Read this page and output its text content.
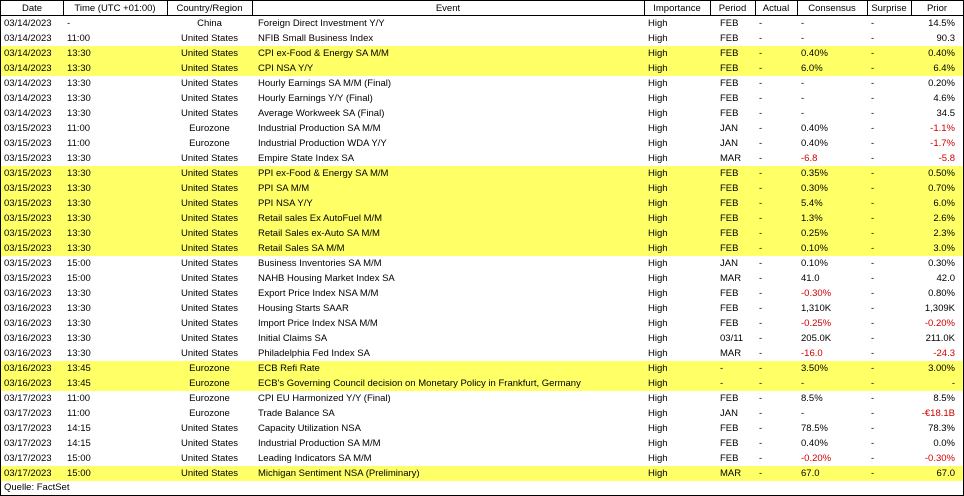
Date	Time (UTC +01:00)	Country/Region	Event	Importance	Period	Actual	Consensus	Surprise	Prior
03/14/2023	-	China	Foreign Direct Investment Y/Y	High	FEB	-	-	-	14.5%
03/14/2023	11:00	United States	NFIB Small Business Index	High	FEB	-	-	-	90.3
03/14/2023	13:30	United States	CPI ex-Food & Energy SA M/M	High	FEB	-	0.40%	-	0.40%
03/14/2023	13:30	United States	CPI NSA Y/Y	High	FEB	-	6.0%	-	6.4%
03/14/2023	13:30	United States	Hourly Earnings SA M/M (Final)	High	FEB	-	-	-	0.20%
03/14/2023	13:30	United States	Hourly Earnings Y/Y (Final)	High	FEB	-	-	-	4.6%
03/14/2023	13:30	United States	Average Workweek SA (Final)	High	FEB	-	-	-	34.5
03/15/2023	11:00	Eurozone	Industrial Production SA M/M	High	JAN	-	0.40%	-	-1.1%
03/15/2023	11:00	Eurozone	Industrial Production WDA Y/Y	High	JAN	-	0.40%	-	-1.7%
03/15/2023	13:30	United States	Empire State Index SA	High	MAR	-	-6.8	-	-5.8
03/15/2023	13:30	United States	PPI ex-Food & Energy SA M/M	High	FEB	-	0.35%	-	0.50%
03/15/2023	13:30	United States	PPI SA M/M	High	FEB	-	0.30%	-	0.70%
03/15/2023	13:30	United States	PPI NSA Y/Y	High	FEB	-	5.4%	-	6.0%
03/15/2023	13:30	United States	Retail sales Ex AutoFuel M/M	High	FEB	-	1.3%	-	2.6%
03/15/2023	13:30	United States	Retail Sales ex-Auto SA M/M	High	FEB	-	0.25%	-	2.3%
03/15/2023	13:30	United States	Retail Sales SA M/M	High	FEB	-	0.10%	-	3.0%
03/15/2023	15:00	United States	Business Inventories SA M/M	High	JAN	-	0.10%	-	0.30%
03/15/2023	15:00	United States	NAHB Housing Market Index SA	High	MAR	-	41.0	-	42.0
03/16/2023	13:30	United States	Export Price Index NSA M/M	High	FEB	-	-0.30%	-	0.80%
03/16/2023	13:30	United States	Housing Starts SAAR	High	FEB	-	1,310K	-	1,309K
03/16/2023	13:30	United States	Import Price Index NSA M/M	High	FEB	-	-0.25%	-	-0.20%
03/16/2023	13:30	United States	Initial Claims SA	High	03/11	-	205.0K	-	211.0K
03/16/2023	13:30	United States	Philadelphia Fed Index SA	High	MAR	-	-16.0	-	-24.3
03/16/2023	13:45	Eurozone	ECB Refi Rate	High	-	-	3.50%	-	3.00%
03/16/2023	13:45	Eurozone	ECB's Governing Council decision on Monetary Policy in Frankfurt, Germany	High	-	-	-	-	-
03/17/2023	11:00	Eurozone	CPI EU Harmonized Y/Y (Final)	High	FEB	-	8.5%	-	8.5%
03/17/2023	11:00	Eurozone	Trade Balance SA	High	JAN	-	-	-	-€18.1B
03/17/2023	14:15	United States	Capacity Utilization NSA	High	FEB	-	78.5%	-	78.3%
03/17/2023	14:15	United States	Industrial Production SA M/M	High	FEB	-	0.40%	-	0.0%
03/17/2023	15:00	United States	Leading Indicators SA M/M	High	FEB	-	-0.20%	-	-0.30%
03/17/2023	15:00	United States	Michigan Sentiment NSA (Preliminary)	High	MAR	-	67.0	-	67.0
Quelle: FactSet
